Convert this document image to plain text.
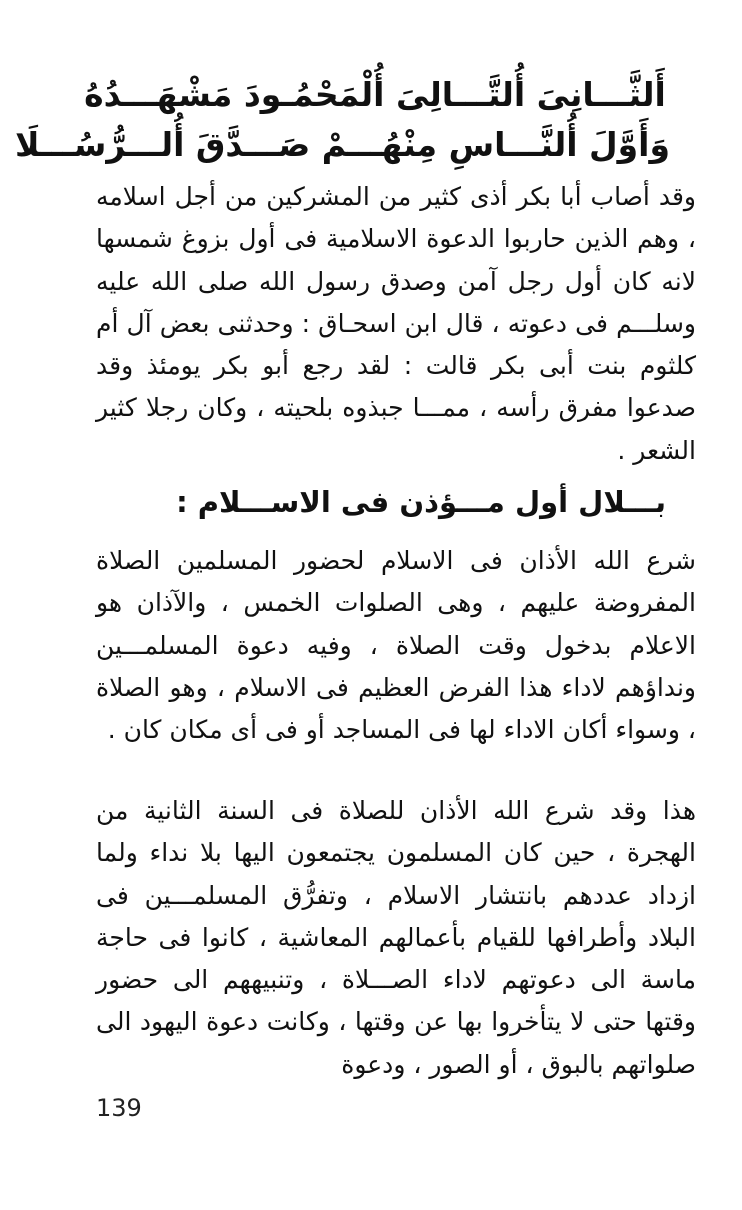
أَلثَّـــانِىَ أُلتَّـــالِىَ أُلْمَحْمُـودَ مَشْهَـــدُهُ
وَأَوَّلَ أُلنَّـــاسِ مِنْهُـــمْ صَـــدَّقَ أُلـــرُّسُـــلَا

وقد أصاب أبا بكر أذى كثير من المشركين من أجل اسلامه ، وهم الذين حاربوا الدعوة الاسلامية فى أول بزوغ شمسها لانه كان أول رجل آمن وصدق رسول الله صلى الله عليه وسلـــم فى دعوته ، قال ابن اسحـاق : وحدثنى بعض آل أم كلثوم بنت أبى بكر قالت : لقد رجع أبو بكر يومئذ وقد صدعوا مفرق رأسه ، ممـــا جبذوه بلحيته ، وكان رجلا كثير الشعر .

بـــلال أول مـــؤذن فى الاســـلام :

شرع الله الأذان فى الاسلام لحضور المسلمين الصلاة المفروضة عليهم ، وهى الصلوات الخمس ، والآذان هو الاعلام بدخول وقت الصلاة ، وفيه دعوة المسلمـــين ونداؤهم لاداء هذا الفرض العظيم فى الاسلام ، وهو الصلاة ، وسواء أكان الاداء لها فى المساجد أو فى أى مكان كان .

هذا وقد شرع الله الأذان للصلاة فى السنة الثانية من الهجرة ، حين كان المسلمون يجتمعون اليها بلا نداء ولما ازداد عددهم بانتشار الاسلام ، وتفرُّق المسلمـــين فى البلاد وأطرافها للقيام بأعمالهم المعاشية ، كانوا فى حاجة ماسة الى دعوتهم لاداء الصـــلاة ، وتنبيههم الى حضور وقتها حتى لا يتأخروا بها عن وقتها ، وكانت دعوة اليهود الى صلواتهم بالبوق ، أو الصور ، ودعوة

139
